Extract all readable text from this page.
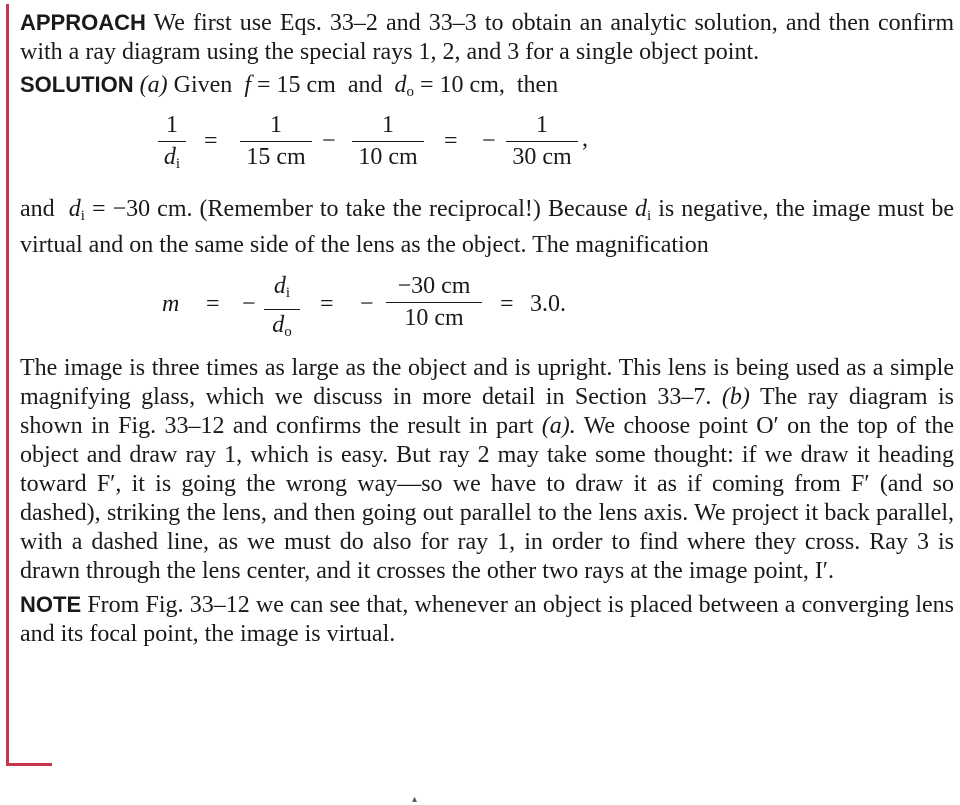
APPROACH We first use Eqs. 33–2 and 33–3 to obtain an analytic solution, and then confirm with a ray diagram using the special rays 1, 2, and 3 for a single object point.

SOLUTION (a) Given f = 15 cm and $d_o = 10$ cm, then

1
$d_i$
=
1
15 cm
−
1
10 cm
= −
1
30 cm
,

and $d_i = -30$ cm. (Remember to take the reciprocal!) Because $d_i$ is negative, the image must be virtual and on the same side of the lens as the object. The magnification

m = −
$d_i$
$d_o$
= −
−30 cm
10 cm
= 3.0.

The image is three times as large as the object and is upright. This lens is being used as a simple magnifying glass, which we discuss in more detail in Section 33–7. (b) The ray diagram is shown in Fig. 33–12 and confirms the result in part (a). We choose point O′ on the top of the object and draw ray 1, which is easy. But ray 2 may take some thought: if we draw it heading toward F′, it is going the wrong way—so we have to draw it as if coming from F′ (and so dashed), striking the lens, and then going out parallel to the lens axis. We project it back parallel, with a dashed line, as we must do also for ray 1, in order to find where they cross. Ray 3 is drawn through the lens center, and it crosses the other two rays at the image point, I′.

NOTE From Fig. 33–12 we can see that, whenever an object is placed between a converging lens and its focal point, the image is virtual.

▴
